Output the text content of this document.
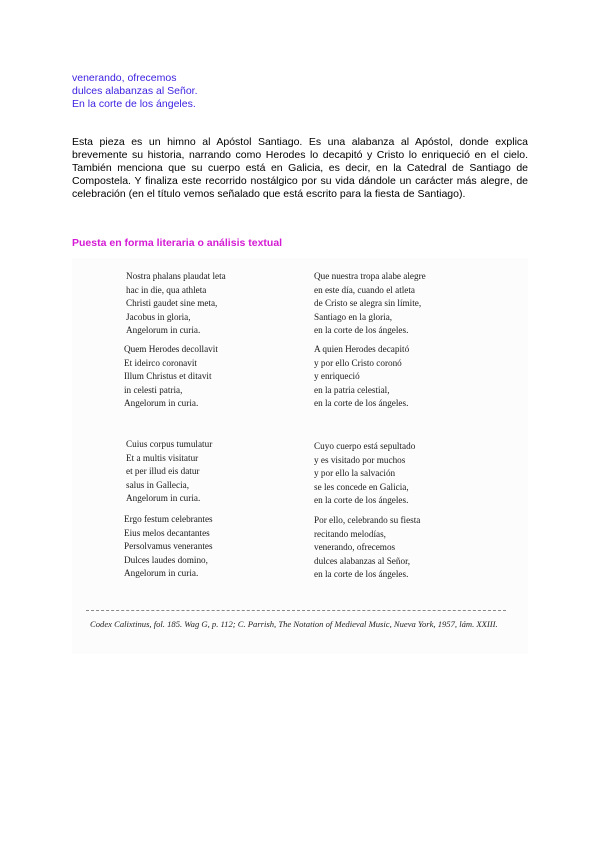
venerando, ofrecemos
dulces alabanzas al Señor.
En la corte de los ángeles.
Esta pieza es un himno al Apóstol Santiago. Es una alabanza al Apóstol, donde explica brevemente su historia, narrando como Herodes lo decapitó y Cristo lo enriqueció en el cielo. También menciona que su cuerpo está en Galicia, es decir, en la Catedral de Santiago de Compostela. Y finaliza este recorrido nostálgico por su vida dándole un carácter más alegre, de celebración (en el título vemos señalado que está escrito para la fiesta de Santiago).
Puesta en forma literaria o análisis textual
Nostra phalans plaudat leta
hac in die, qua athleta
Christi gaudet sine meta,
Jacobus in gloria,
Angelorum in curia.
Quem Herodes decollavit
Et ideirco coronavit
Illum Christus et ditavit
in celesti patria,
Angelorum in curia.
Cuius corpus tumulatur
Et a multis visitatur
et per illud eis datur
salus in Gallecia,
Angelorum in curia.
Ergo festum celebrantes
Eius melos decantantes
Persolvamus venerantes
Dulces laudes domino,
Angelorum in curia.
Que nuestra tropa alabe alegre
en este día, cuando el atleta
de Cristo se alegra sin límite,
Santiago en la gloria,
en la corte de los ángeles.
A quien Herodes decapitó
y por ello Cristo coronó
y enriqueció
en la patria celestial,
en la corte de los ángeles.
Cuyo cuerpo está sepultado
y es visitado por muchos
y por ello la salvación
se les concede en Galicia,
en la corte de los ángeles.
Por ello, celebrando su fiesta
recitando melodías,
venerando, ofrecemos
dulces alabanzas al Señor,
en la corte de los ángeles.
Codex Calixtinus, fol. 185. Wag G, p. 112; C. Parrish, The Notation of Medieval Music, Nueva York, 1957, lám. XXIII.
